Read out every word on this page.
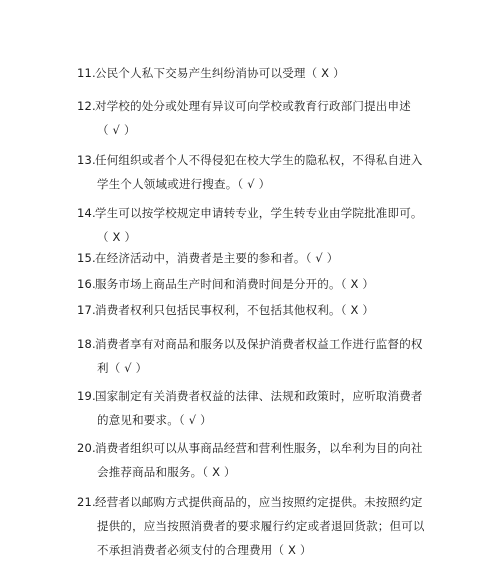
11.公民个人私下交易产生纠纷消协可以受理（ X ）
12.对学校的处分或处理有异议可向学校或教育行政部门提出申述
（ √ ）
13.任何组织或者个人不得侵犯在校大学生的隐私权，不得私自进入
学生个人领域或进行搜查。（ √ ）
14.学生可以按学校规定申请转专业，学生转专业由学院批准即可。
（ X ）
15.在经济活动中，消费者是主要的参和者。（ √ ）
16.服务市场上商品生产时间和消费时间是分开的。（ X ）
17.消费者权利只包括民事权利，不包括其他权利。（ X ）
18.消费者享有对商品和服务以及保护消费者权益工作进行监督的权
利（ √ ）
19.国家制定有关消费者权益的法律、法规和政策时，应听取消费者
的意见和要求。（ √ ）
20.消费者组织可以从事商品经营和营利性服务，以牟利为目的向社
会推荐商品和服务。（ X ）
21.经营者以邮购方式提供商品的，应当按照约定提供。未按照约定
提供的，应当按照消费者的要求履行约定或者退回货款；但可以
不承担消费者必须支付的合理费用（ X ）
